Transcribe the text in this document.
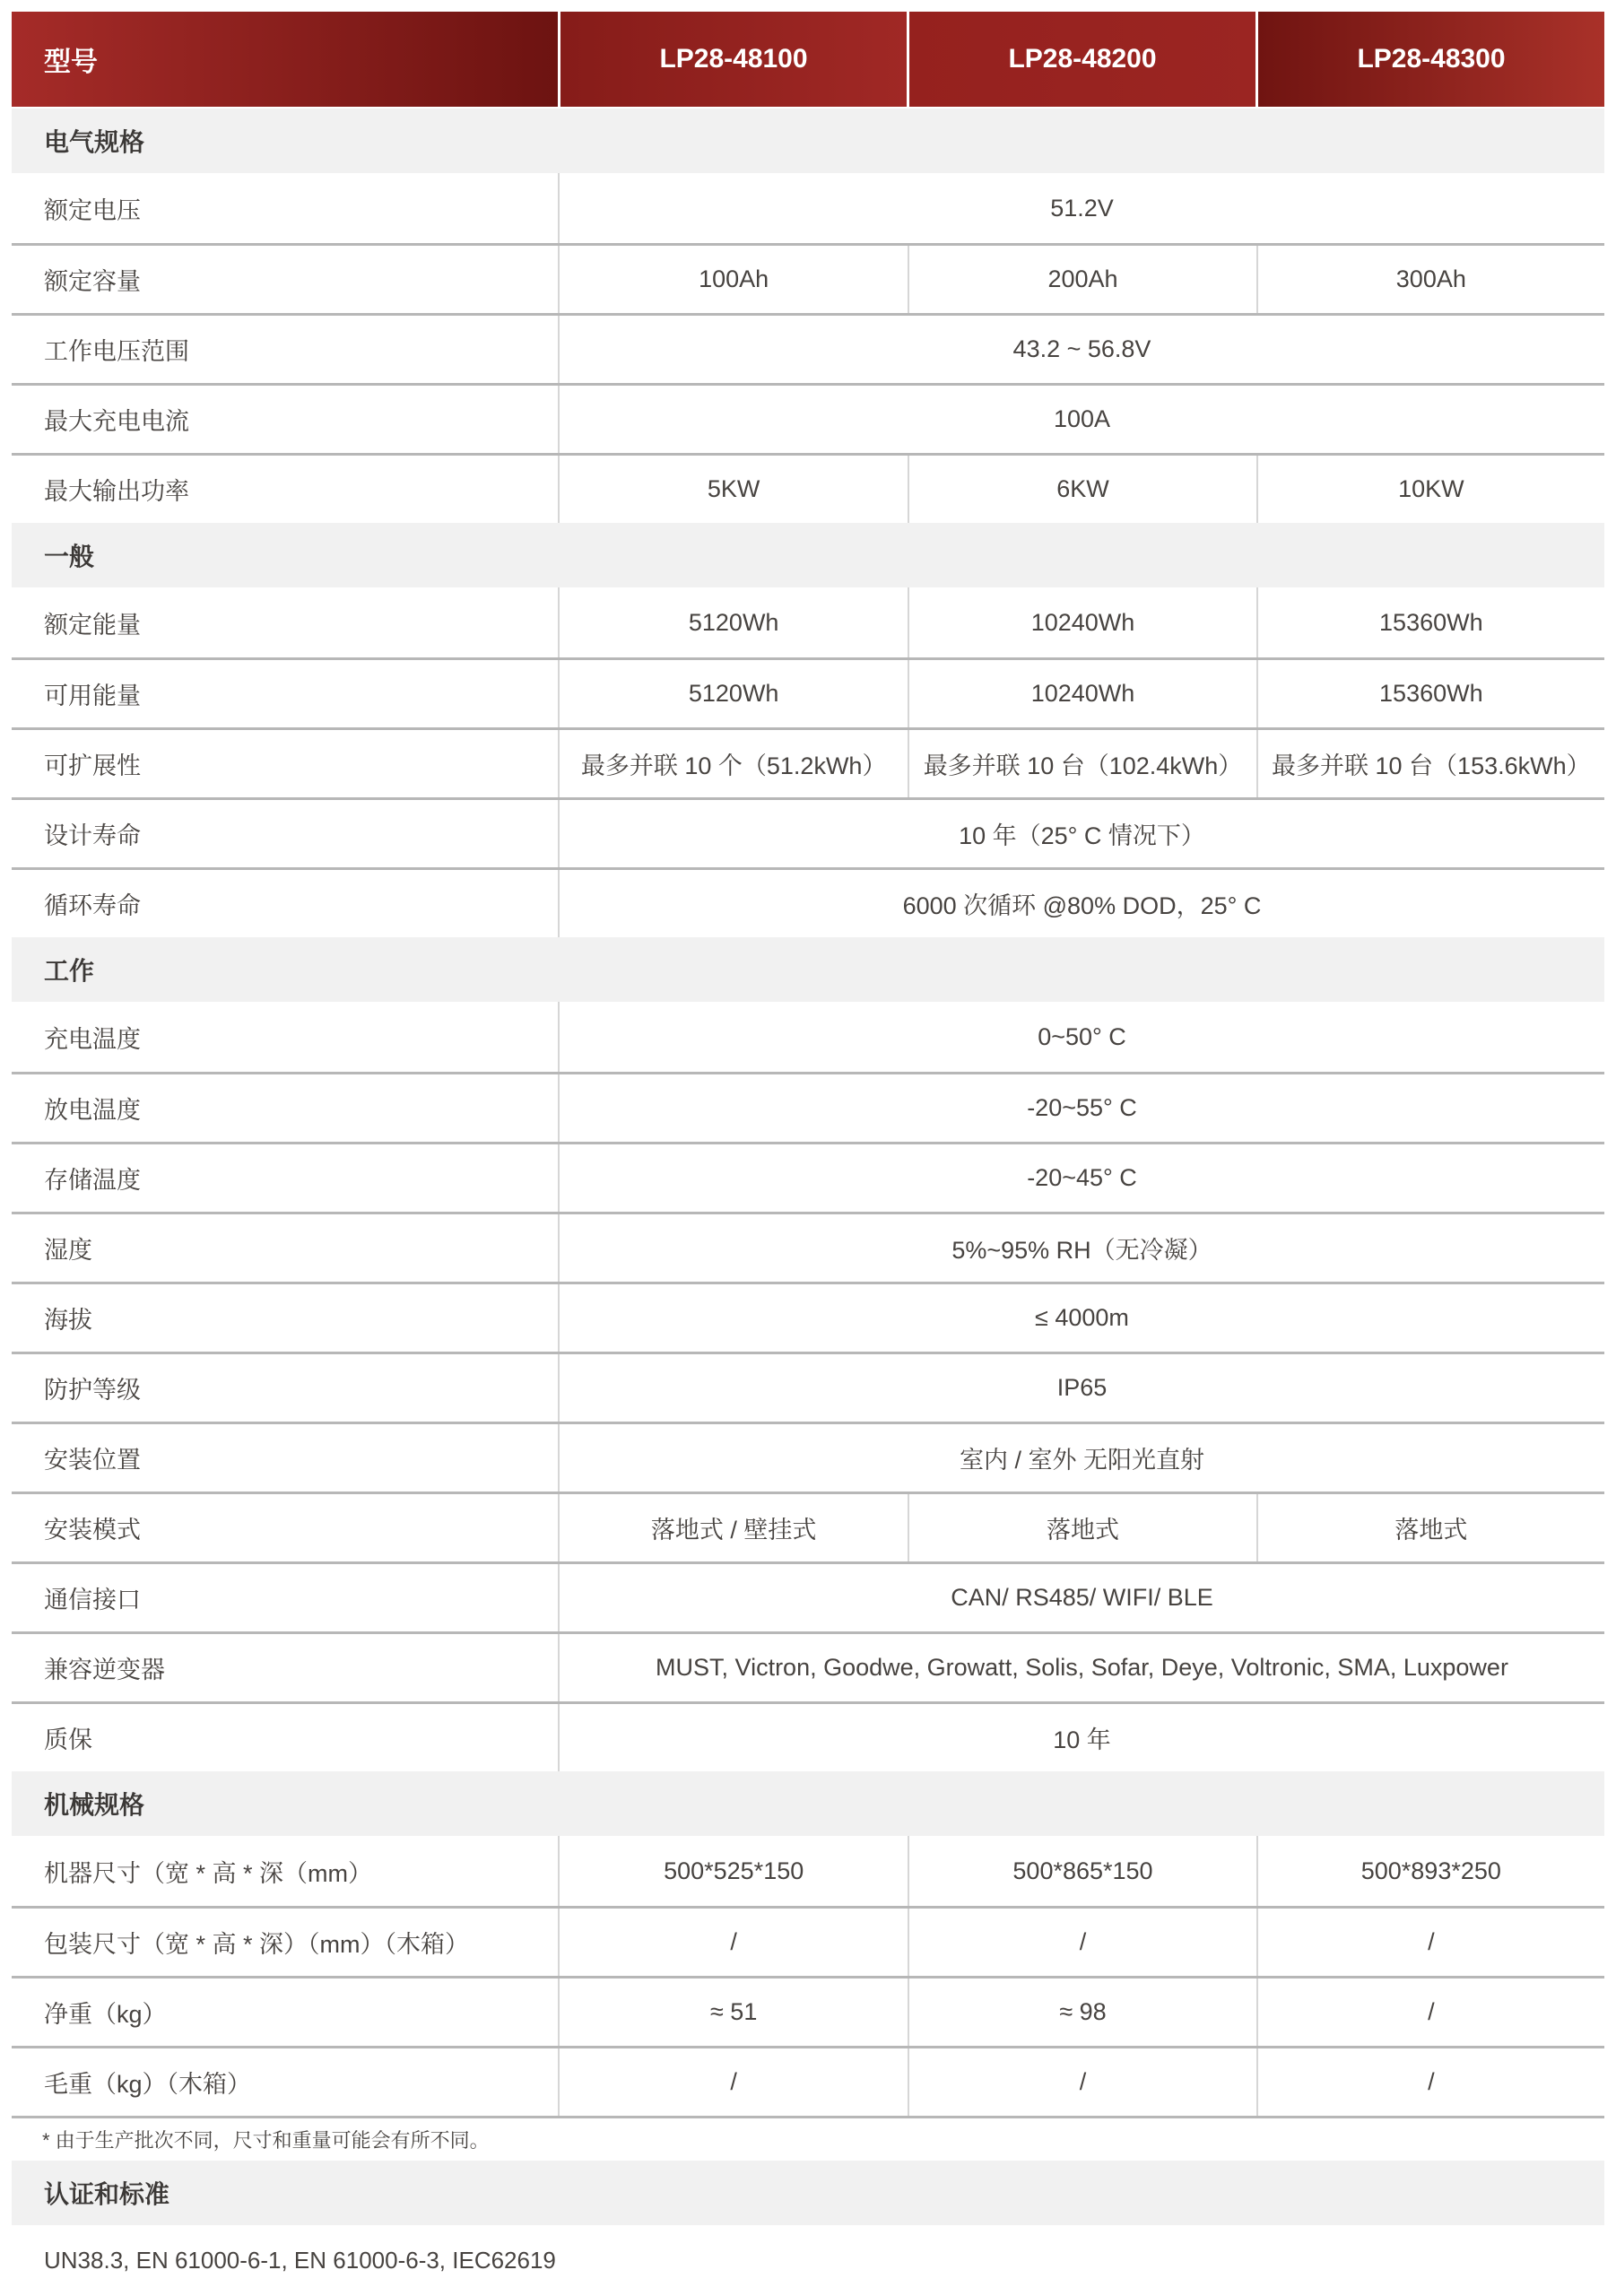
型号	LP28-48100	LP28-48200	LP28-48300
电气规格
额定电压	51.2V
额定容量	100Ah	200Ah	300Ah
工作电压范围	43.2 ~ 56.8V
最大充电电流	100A
最大输出功率	5KW	6KW	10KW
一般
额定能量	5120Wh	10240Wh	15360Wh
可用能量	5120Wh	10240Wh	15360Wh
可扩展性	最多并联 10 个（51.2kWh）	最多并联 10 台（102.4kWh）	最多并联 10 台（153.6kWh）
设计寿命	10 年（25° C 情况下）
循环寿命	6000 次循环 @80% DOD，25° C
工作
充电温度	0~50° C
放电温度	-20~55° C
存储温度	-20~45° C
湿度	5%~95% RH（无冷凝）
海拔	≤ 4000m
防护等级	IP65
安装位置	室内 / 室外 无阳光直射
安装模式	落地式 / 壁挂式	落地式	落地式
通信接口	CAN/ RS485/ WIFI/ BLE
兼容逆变器	MUST, Victron, Goodwe, Growatt, Solis, Sofar, Deye, Voltronic, SMA, Luxpower
质保	10 年
机械规格
机器尺寸（宽 * 高 * 深（mm）	500*525*150	500*865*150	500*893*250
包装尺寸（宽 * 高 * 深）（mm）（木箱）	/	/	/
净重（kg）	≈ 51	≈ 98	/
毛重（kg）（木箱）	/	/	/
* 由于生产批次不同，尺寸和重量可能会有所不同。
认证和标准
UN38.3, EN 61000-6-1, EN 61000-6-3, IEC62619
